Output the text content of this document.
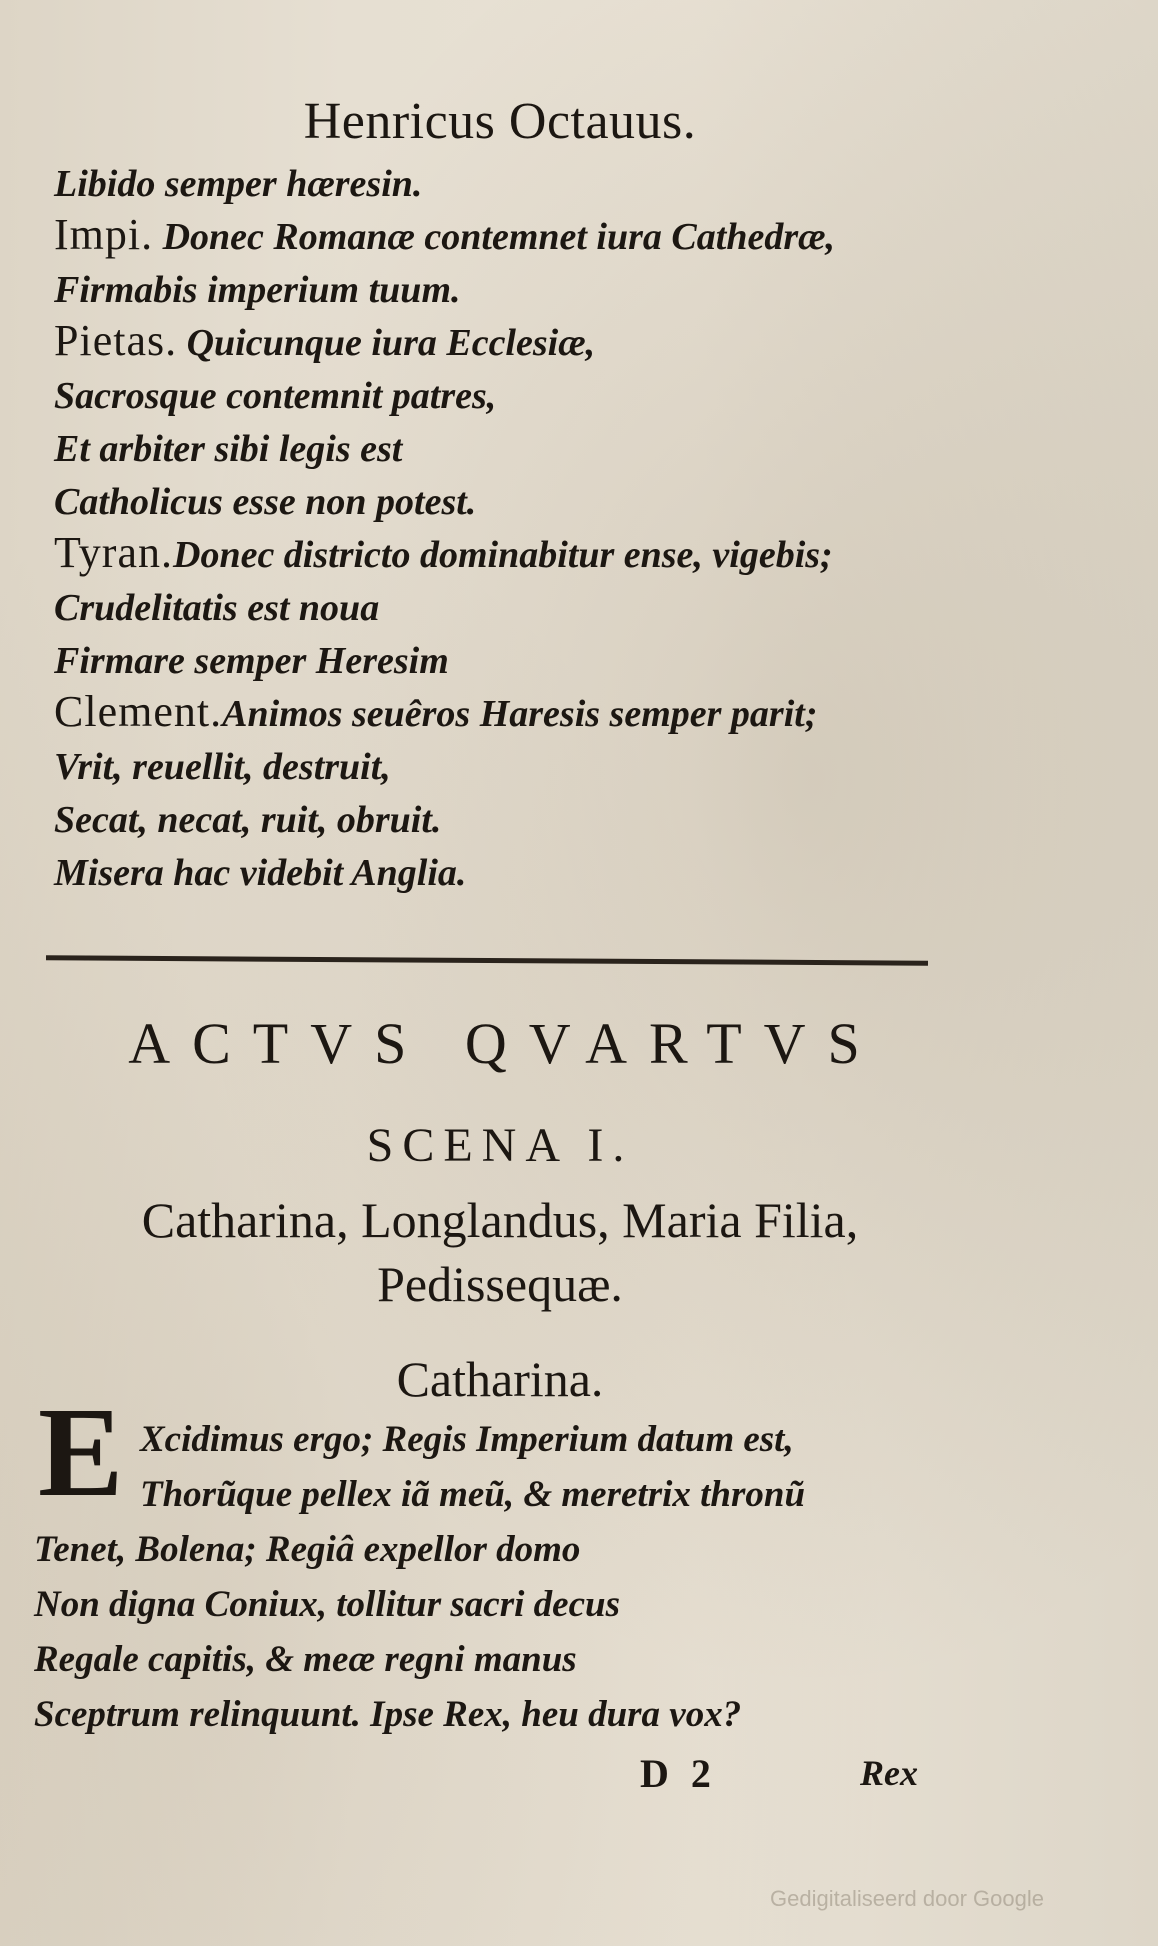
Henricus Octauus.
Libido semper hæresin.
Impi. Donec Romanæ contemnet iura Cathedræ,
Firmabis imperium tuum.
Pietas. Quicunque iura Ecclesiæ,
Sacrosque contemnit patres,
Et arbiter sibi legis est
Catholicus esse non potest.
Tyran.Donec districto dominabitur ense, vigebis;
Crudelitatis est noua
Firmare semper Heresim
Clement.Animos seuêros Haresis semper parit;
Vrit, reuellit, destruit,
Secat, necat, ruit, obruit.
Misera hac videbit Anglia.
ACTVS QVARTVS
SCENA I.
Catharina, Longlandus, Maria Filia,
Pedissequæ.
Catharina.
E Xcidimus ergo; Regis Imperium datum est,
Thorũque pellex iã meũ, & meretrix thronũ
Tenet, Bolena; Regiâ expellor domo
Non digna Coniux, tollitur sacri decus
Regale capitis, & meæ regni manus
Sceptrum relinquunt. Ipse Rex, heu dura vox?
D 2	Rex
Gedigitaliseerd door Google
